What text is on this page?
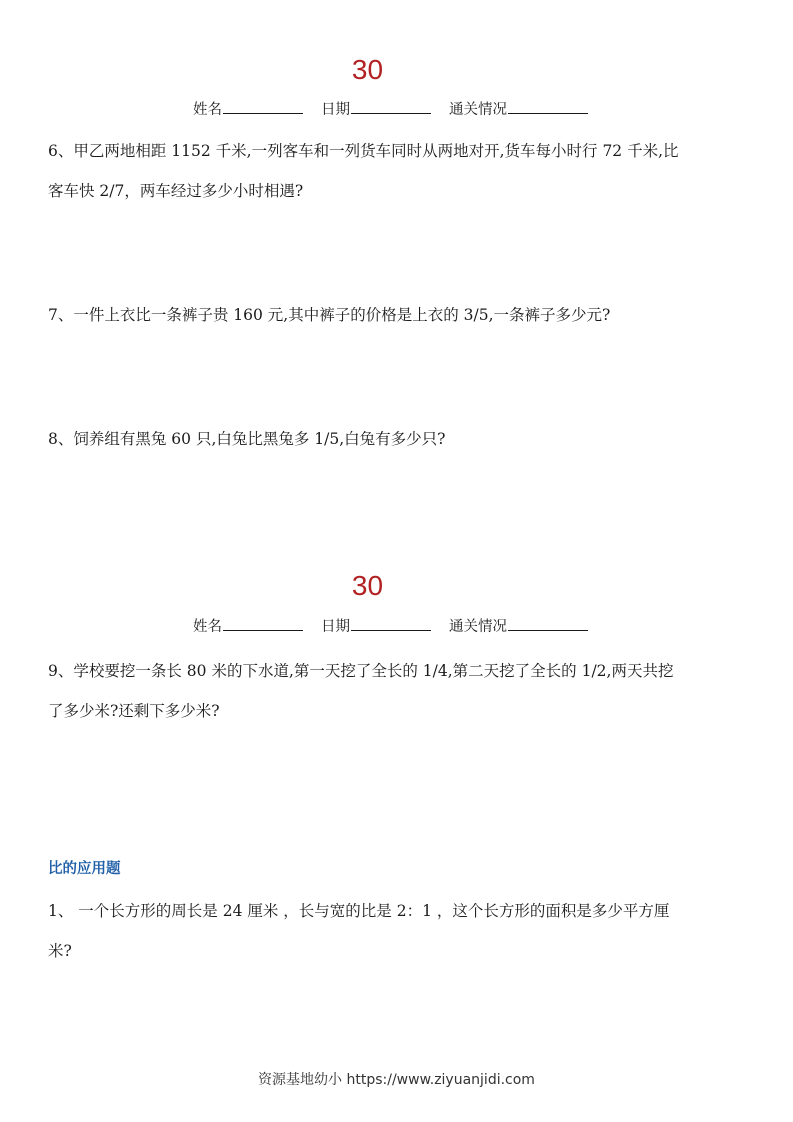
30
姓名	日期	通关情况
6、甲乙两地相距 1152 千米,一列客车和一列货车同时从两地对开,货车每小时行 72 千米,比
客车快 2/7，两车经过多少小时相遇?
7、一件上衣比一条裤子贵 160 元,其中裤子的价格是上衣的 3/5,一条裤子多少元?
8、饲养组有黑兔 60 只,白兔比黑兔多 1/5,白兔有多少只?
30
姓名	日期	通关情况
9、学校要挖一条长 80 米的下水道,第一天挖了全长的 1/4,第二天挖了全长的 1/2,两天共挖
了多少米?还剩下多少米?
比的应用题
1、 一个长方形的周长是 24 厘米 ，长与宽的比是 2：1 ，这个长方形的面积是多少平方厘
米?
资源基地幼小 https://www.ziyuanjidi.com
